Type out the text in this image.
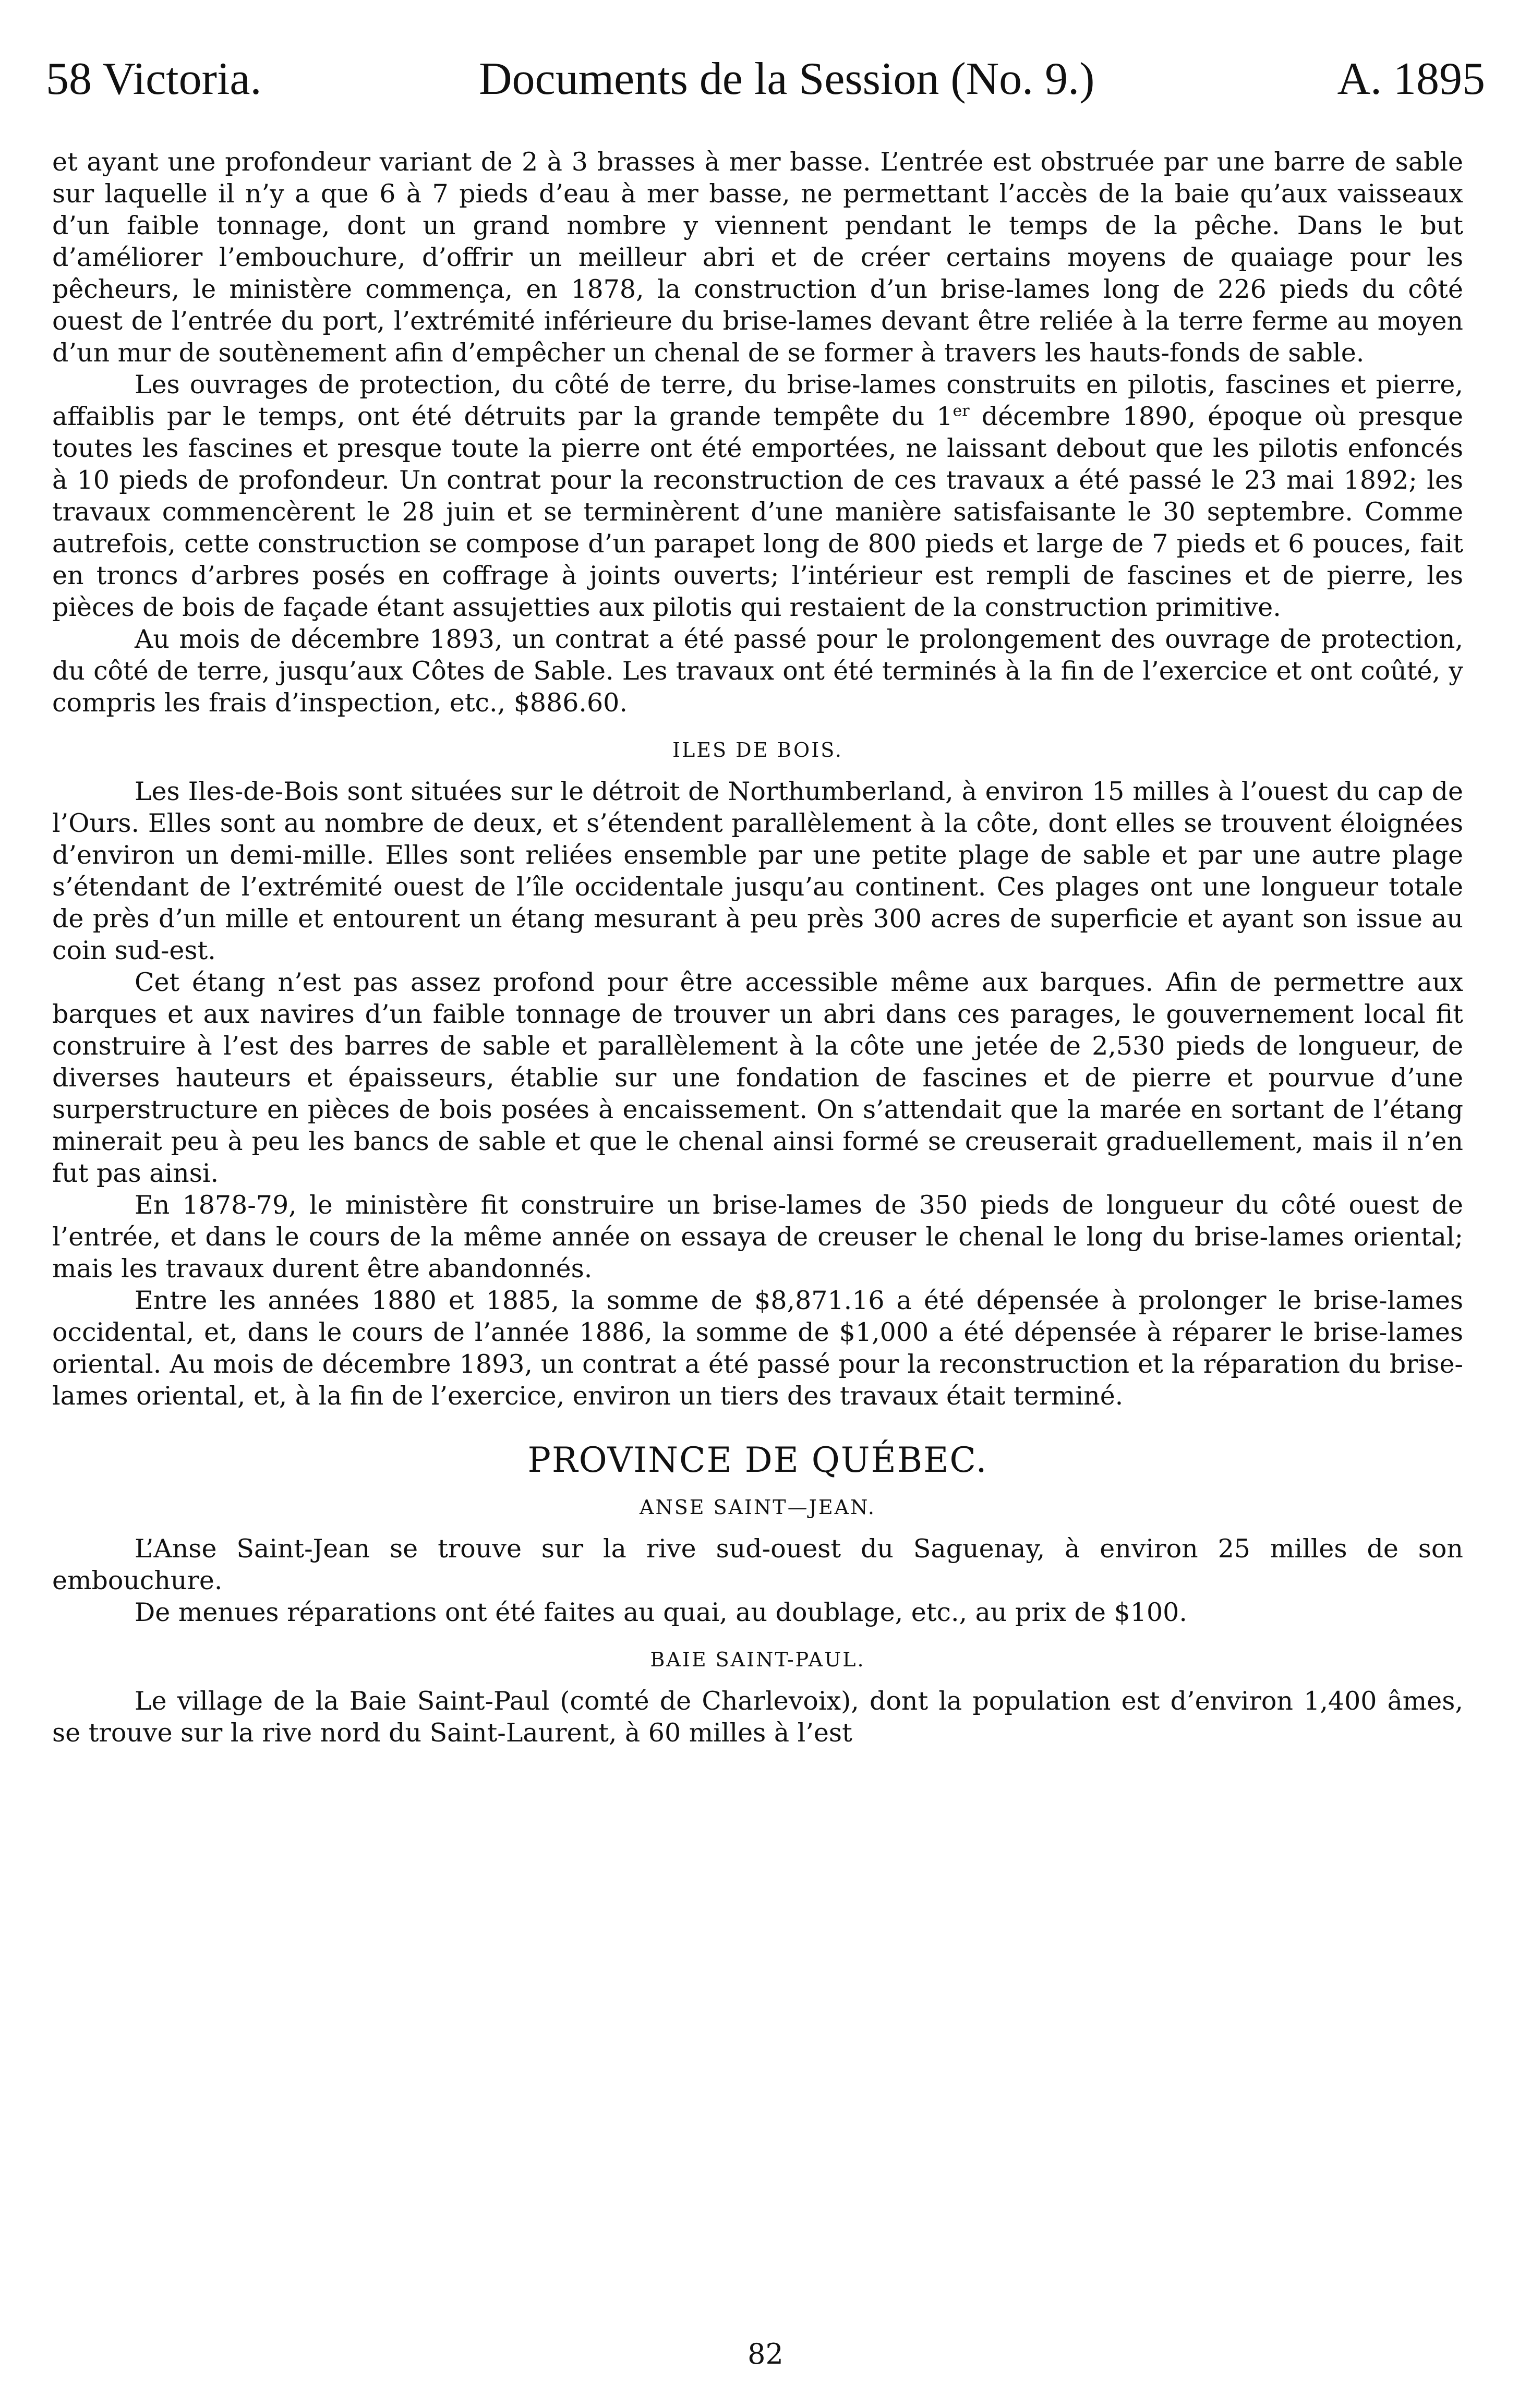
58 Victoria.	Documents de la Session (No. 9.)	A. 1895

et ayant une profondeur variant de 2 à 3 brasses à mer basse. L’entrée est obstruée par une barre de sable sur laquelle il n’y a que 6 à 7 pieds d’eau à mer basse, ne permettant l’accès de la baie qu’aux vaisseaux d’un faible tonnage, dont un grand nombre y viennent pendant le temps de la pêche. Dans le but d’améliorer l’embouchure, d’offrir un meilleur abri et de créer certains moyens de quaiage pour les pêcheurs, le ministère commença, en 1878, la construction d’un brise-lames long de 226 pieds du côté ouest de l’entrée du port, l’extrémité inférieure du brise-lames devant être reliée à la terre ferme au moyen d’un mur de soutènement afin d’empêcher un chenal de se former à travers les hauts-fonds de sable.

Les ouvrages de protection, du côté de terre, du brise-lames construits en pilotis, fascines et pierre, affaiblis par le temps, ont été détruits par la grande tempête du 1er décembre 1890, époque où presque toutes les fascines et presque toute la pierre ont été emportées, ne laissant debout que les pilotis enfoncés à 10 pieds de profondeur. Un contrat pour la reconstruction de ces travaux a été passé le 23 mai 1892; les travaux commencèrent le 28 juin et se terminèrent d’une manière satisfaisante le 30 septembre. Comme autrefois, cette construction se compose d’un parapet long de 800 pieds et large de 7 pieds et 6 pouces, fait en troncs d’arbres posés en coffrage à joints ouverts; l’intérieur est rempli de fascines et de pierre, les pièces de bois de façade étant assujetties aux pilotis qui restaient de la construction primitive.

Au mois de décembre 1893, un contrat a été passé pour le prolongement des ouvrage de protection, du côté de terre, jusqu’aux Côtes de Sable. Les travaux ont été terminés à la fin de l’exercice et ont coûté, y compris les frais d’inspection, etc., $886.60.

ILES DE BOIS.

Les Iles-de-Bois sont situées sur le détroit de Northumberland, à environ 15 milles à l’ouest du cap de l’Ours. Elles sont au nombre de deux, et s’étendent parallèlement à la côte, dont elles se trouvent éloignées d’environ un demi-mille. Elles sont reliées ensemble par une petite plage de sable et par une autre plage s’étendant de l’extrémité ouest de l’île occidentale jusqu’au continent. Ces plages ont une longueur totale de près d’un mille et entourent un étang mesurant à peu près 300 acres de superficie et ayant son issue au coin sud-est.

Cet étang n’est pas assez profond pour être accessible même aux barques. Afin de permettre aux barques et aux navires d’un faible tonnage de trouver un abri dans ces parages, le gouvernement local fit construire à l’est des barres de sable et parallèlement à la côte une jetée de 2,530 pieds de longueur, de diverses hauteurs et épaisseurs, établie sur une fondation de fascines et de pierre et pourvue d’une surperstructure en pièces de bois posées à encaissement. On s’attendait que la marée en sortant de l’étang minerait peu à peu les bancs de sable et que le chenal ainsi formé se creuserait graduellement, mais il n’en fut pas ainsi.

En 1878-79, le ministère fit construire un brise-lames de 350 pieds de longueur du côté ouest de l’entrée, et dans le cours de la même année on essaya de creuser le chenal le long du brise-lames oriental; mais les travaux durent être abandonnés.

Entre les années 1880 et 1885, la somme de $8,871.16 a été dépensée à prolonger le brise-lames occidental, et, dans le cours de l’année 1886, la somme de $1,000 a été dépensée à réparer le brise-lames oriental. Au mois de décembre 1893, un contrat a été passé pour la reconstruction et la réparation du brise-lames oriental, et, à la fin de l’exercice, environ un tiers des travaux était terminé.

PROVINCE DE QUÉBEC.
ANSE SAINT—JEAN.

L’Anse Saint-Jean se trouve sur la rive sud-ouest du Saguenay, à environ 25 milles de son embouchure.

De menues réparations ont été faites au quai, au doublage, etc., au prix de $100.

BAIE SAINT-PAUL.

Le village de la Baie Saint-Paul (comté de Charlevoix), dont la population est d’environ 1,400 âmes, se trouve sur la rive nord du Saint-Laurent, à 60 milles à l’est

82
